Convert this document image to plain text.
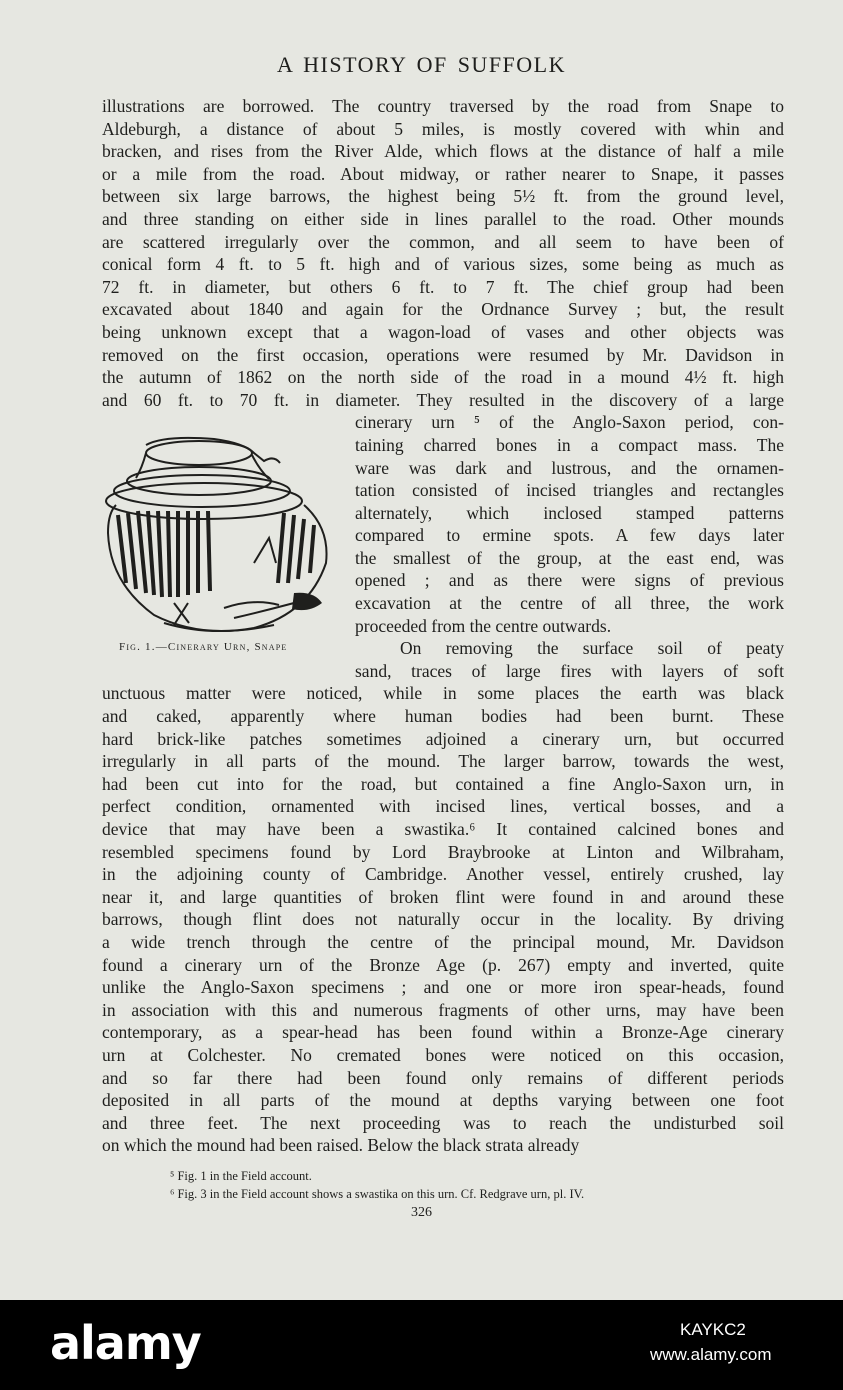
A HISTORY OF SUFFOLK
illustrations are borrowed. The country traversed by the road from Snape to
Aldeburgh, a distance of about 5 miles, is mostly covered with whin and
bracken, and rises from the River Alde, which flows at the distance of half a mile
or a mile from the road. About midway, or rather nearer to Snape, it passes
between six large barrows, the highest being 5½ ft. from the ground level,
and three standing on either side in lines parallel to the road. Other mounds
are scattered irregularly over the common, and all seem to have been of
conical form 4 ft. to 5 ft. high and of various sizes, some being as much as
72 ft. in diameter, but others 6 ft. to 7 ft. The chief group had been
excavated about 1840 and again for the Ordnance Survey ; but, the result
being unknown except that a wagon-load of vases and other objects was
removed on the first occasion, operations were resumed by Mr. Davidson in
the autumn of 1862 on the north side of the road in a mound 4½ ft. high
and 60 ft. to 70 ft. in diameter. They resulted in the discovery of a large
cinerary urn ⁵ of the Anglo-Saxon period, con-
taining charred bones in a compact mass. The
ware was dark and lustrous, and the ornamen-
tation consisted of incised triangles and rectangles
alternately, which inclosed stamped patterns
compared to ermine spots. A few days later
the smallest of the group, at the east end, was
opened ; and as there were signs of previous
excavation at the centre of all three, the work
proceeded from the centre outwards.
On removing the surface soil of peaty
sand, traces of large fires with layers of soft
unctuous matter were noticed, while in some places the earth was black
and caked, apparently where human bodies had been burnt. These
hard brick-like patches sometimes adjoined a cinerary urn, but occurred
irregularly in all parts of the mound. The larger barrow, towards the west,
had been cut into for the road, but contained a fine Anglo-Saxon urn, in
perfect condition, ornamented with incised lines, vertical bosses, and a
device that may have been a swastika.⁶ It contained calcined bones and
resembled specimens found by Lord Braybrooke at Linton and Wilbraham,
in the adjoining county of Cambridge. Another vessel, entirely crushed, lay
near it, and large quantities of broken flint were found in and around these
barrows, though flint does not naturally occur in the locality. By driving
a wide trench through the centre of the principal mound, Mr. Davidson
found a cinerary urn of the Bronze Age (p. 267) empty and inverted, quite
unlike the Anglo-Saxon specimens ; and one or more iron spear-heads, found
in association with this and numerous fragments of other urns, may have been
contemporary, as a spear-head has been found within a Bronze-Age cinerary
urn at Colchester. No cremated bones were noticed on this occasion,
and so far there had been found only remains of different periods
deposited in all parts of the mound at depths varying between one foot
and three feet. The next proceeding was to reach the undisturbed soil
on which the mound had been raised. Below the black strata already
Fig. 1.—Cinerary Urn, Snape
⁵ Fig. 1 in the Field account.
⁶ Fig. 3 in the Field account shows a swastika on this urn. Cf. Redgrave urn, pl. IV.
326
alamy	KAYKC2
www.alamy.com
